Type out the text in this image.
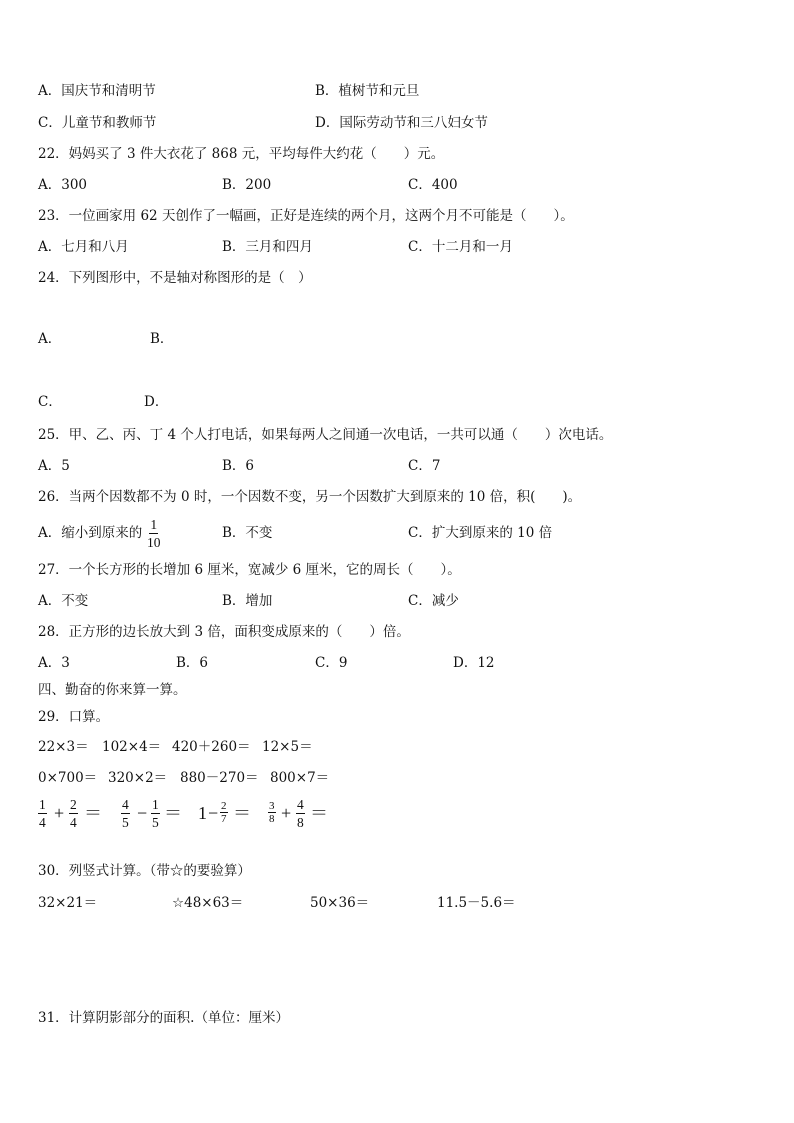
A．国庆节和清明节	B．植树节和元旦
C．儿童节和教师节	D．国际劳动节和三八妇女节
22．妈妈买了 3 件大衣花了 868 元，平均每件大约花（　　）元。
A．300	B．200	C．400
23．一位画家用 62 天创作了一幅画，正好是连续的两个月，这两个月不可能是（　　）。
A．七月和八月	B．三月和四月	C．十二月和一月
24．下列图形中，不是轴对称图形的是（　）
A．	B．
C．	D．
25．甲、乙、丙、丁 4 个人打电话，如果每两人之间通一次电话，一共可以通（　　）次电话。
A．5	B．6	C．7
26．当两个因数都不为 0 时，一个因数不变，另一个因数扩大到原来的 10 倍，积(　　)。
A．缩小到原来的 $\frac{1}{10}$	B．不变	C．扩大到原来的 10 倍
27．一个长方形的长增加 6 厘米，宽减少 6 厘米，它的周长（　　）。
A．不变	B．增加	C．减少
28．正方形的边长放大到 3 倍，面积变成原来的（　　）倍。
A．3	B．6	C．9	D．12
四、勤奋的你来算一算。
29．口算。
22×3＝ 102×4＝ 420＋260＝ 12×5＝
0×700＝ 320×2＝ 880－270＝ 800×7＝
$\frac{1}{4} + \frac{2}{4} = \frac{4}{5} - \frac{1}{5} = 1 - \frac{2}{7} = \frac{3}{8} + \frac{4}{8}$ ＝
30．列竖式计算。（带☆的要验算）
32×21＝	☆48×63＝	50×36＝	11.5－5.6＝
31．计算阴影部分的面积.（单位：厘米）
